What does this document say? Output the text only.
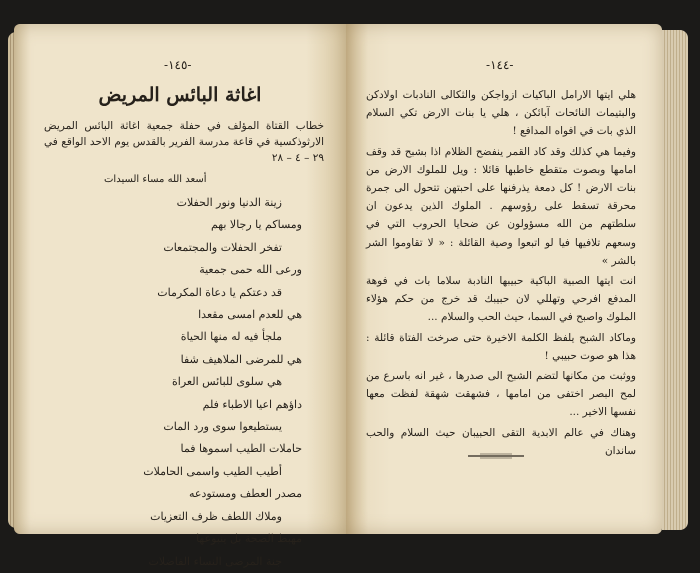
-١٤٥-
اغاثة البائس المريض
خطاب القتاة المؤلف في حفلة جمعية اغاثة البائس المريض الارثوذكسية في قاعة مدرسة الفرير بالقدس يوم الاحد الواقع في ٢٩ – ٤ – ٢٨
أسعد الله مساء السيدات
زينة الدنيا ونور الحفلات
ومساكم يا رجالا بهم
تفخر الحفلات والمجتمعات
ورعى الله حمى جمعية
قد دعتكم يا دعاة المكرمات
هي للعدم امسى مقعدا
ملجأ فيه له منها الحياة
هي للمرضى الملاهيف شفا
هي سلوى للبائس العراة
داؤهم اعيا الاطباء فلم
يستطيعوا سوى ورد المات
حاملات الطيب اسموها فما
أطيب الطيب واسمى الحاملات
مصدر العطف ومستودعه
وملاك اللطف ظرف التعزيات
مهبط الصحة بل ينبوعها
جنة المرضى النساء الفاضلات
-١٤٤-

هلي ايتها الارامل الباكيات ازواجكن والثكالى النادبات اولادكن والبتيمات النائحات آبائكن ، هلي يا بنات الارض تكي السلام الذي بات في افواه المدافع !

وفيما هي كذلك وقد كاد القمر ينفضح الظلام اذا بشبح قد وقف امامها وبصوت متقطع خاطبها قائلا : ويل للملوك الارض من بنات الارض ! كل دمعة يذرفنها على احبتهن تتحول الى جمرة محرقة تسقط على رؤوسهم . الملوك الذين يدعون ان سلطتهم من الله مسؤولون عن ضحايا الحروب التي في وسعهم تلافيها فيا لو اتبعوا وصية القائلة : « لا تقاوموا الشر بالشر »

انت ايتها الصبية الباكية حبيبها النادبة سلاما بات في فوهة المدفع افرحي وتهللي لان حبيبك قد خرج من حكم هؤلاء الملوك واصبح في السما، حيث الحب والسلام ...

وماكاد الشبح يلفظ الكلمة الاخيرة حتى صرخت الفتاة قائلة : هذا هو صوت حبيبي !

ووثبت من مكانها لتضم الشبح الى صدرها ، غير انه باسرع من لمح البصر اختفى من امامها ، فشهقت شهقة لفظت معها نفسها الاخير ...

وهناك في عالم الابدية التقى الحبيبان حيث السلام والحب ساندان
